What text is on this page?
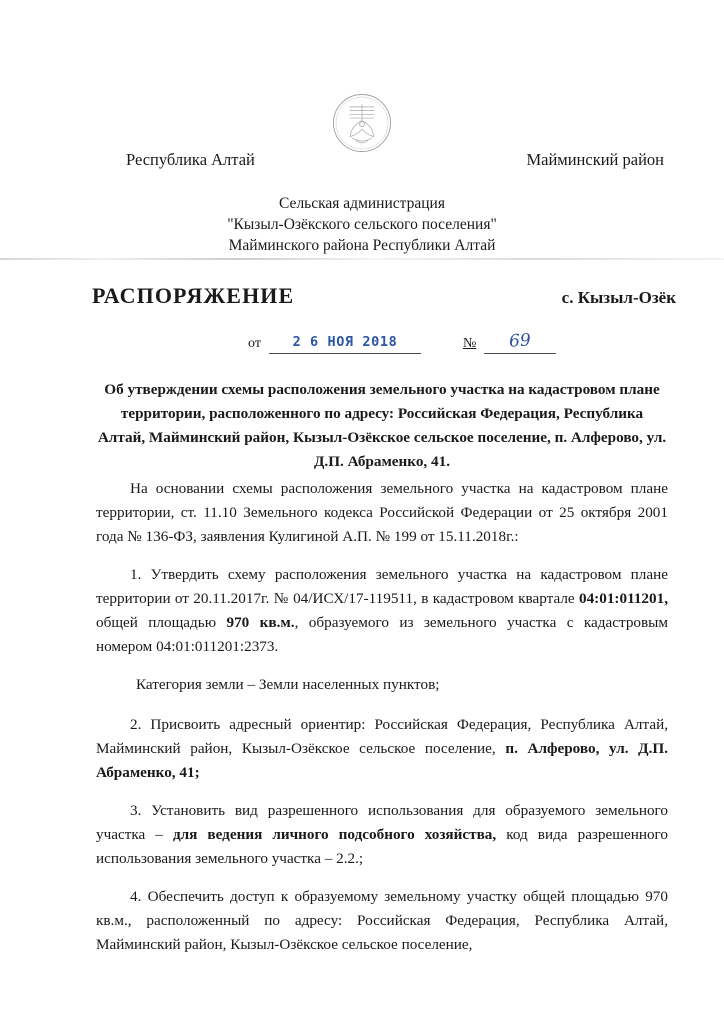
Республика Алтай	Майминский район
Сельская администрация
"Кызыл-Озёкского сельского поселения"
Майминского района Республики Алтай
РАСПОРЯЖЕНИЕ	с. Кызыл-Озёк
от 2 6 НОЯ 2018	№ 69
Об утверждении схемы расположения земельного участка на кадастровом плане территории, расположенного по адресу: Российская Федерация, Республика Алтай, Майминский район, Кызыл-Озёкское сельское поселение, п. Алферово, ул. Д.П. Абраменко, 41.

На основании схемы расположения земельного участка на кадастровом плане территории, ст. 11.10 Земельного кодекса Российской Федерации от 25 октября 2001 года № 136-ФЗ, заявления Кулигиной А.П. № 199 от 15.11.2018г.:

1. Утвердить схему расположения земельного участка на кадастровом плане территории от 20.11.2017г. № 04/ИСХ/17-119511, в кадастровом квартале 04:01:011201, общей площадью 970 кв.м., образуемого из земельного участка с кадастровым номером 04:01:011201:2373.

Категория земли – Земли населенных пунктов;

2. Присвоить адресный ориентир: Российская Федерация, Республика Алтай, Майминский район, Кызыл-Озёкское сельское поселение, п. Алферово, ул. Д.П. Абраменко, 41;

3. Установить вид разрешенного использования для образуемого земельного участка – для ведения личного подсобного хозяйства, код вида разрешенного использования земельного участка – 2.2.;

4. Обеспечить доступ к образуемому земельному участку общей площадью 970 кв.м., расположенный по адресу: Российская Федерация, Республика Алтай, Майминский район, Кызыл-Озёкское сельское поселение,
